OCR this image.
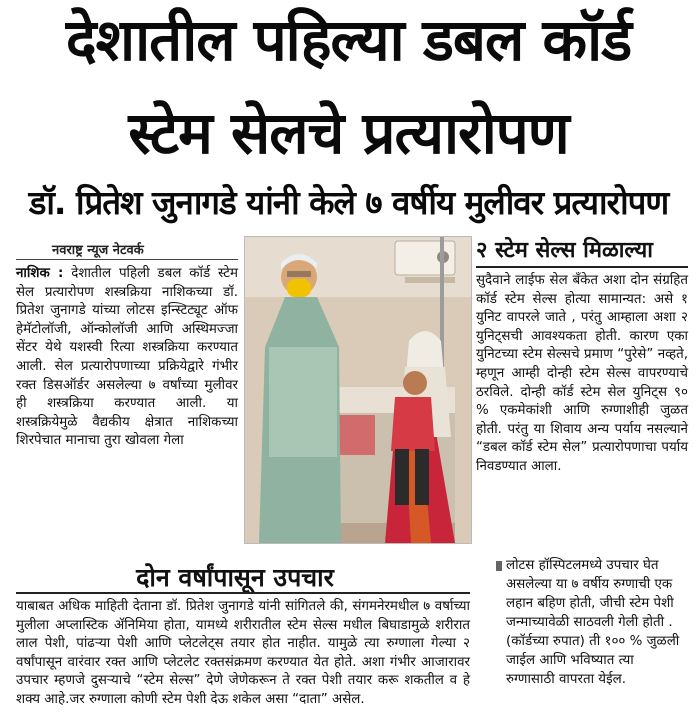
देशातील पहिल्या डबल कॉर्ड
स्टेम सेलचे प्रत्यारोपण
डॉ. प्रितेश जुनागडे यांनी केले ७ वर्षीय मुलीवर प्रत्यारोपण
नवराष्ट्र न्यूज नेटवर्क
नाशिक : देशातील पहिली डबल कॉर्ड स्टेम सेल प्रत्यारोपण शस्त्रक्रिया नाशिकच्या डॉ. प्रितेश जुनागडे यांच्या लोटस इन्स्टिट्यूट ऑफ हेमॅटोलॉजी, ऑन्कोलॉजी आणि अस्थिमज्जा सेंटर येथे यशस्वी रित्या शस्त्रक्रिया करण्यात आली. सेल प्रत्यारोपणाच्या प्रक्रियेद्वारे गंभीर रक्त डिसऑर्डर असलेल्या ७ वर्षांच्या मुलीवर ही शस्त्रक्रिया करण्यात आली. या शस्त्रक्रियेमुळे वैद्यकीय क्षेत्रात नाशिकच्या शिरपेचात मानाचा तुरा खोवला गेला
२ स्टेम सेल्स मिळाल्या
सुदैवाने लाईफ सेल बँकेत अशा दोन संग्रहित कॉर्ड स्टेम सेल्स होत्या सामान्यत: असे १ युनिट वापरले जाते , परंतु आम्हाला अशा २ युनिट्सची आवश्यकता होती. कारण एका युनिटच्या स्टेम सेल्सचे प्रमाण “पुरेसे” नव्हते, म्हणून आम्ही दोन्ही स्टेम सेल्स वापरण्याचे ठरविले. दोन्ही कॉर्ड स्टेम सेल युनिट्स ९० % एकमेकांशी आणि रुग्णाशीही जुळत होती. परंतु या शिवाय अन्य पर्याय नसल्याने “डबल कॉर्ड स्टेम सेल” प्रत्यारोपणाचा पर्याय निवडण्यात आला.
दोन वर्षांपासून उपचार
याबाबत अधिक माहिती देताना डॉ. प्रितेश जुनागडे यांनी सांगितले की, संगमनेरमधील ७ वर्षाच्या मुलीला अप्लास्टिक ॲनिमिया होता, यामध्ये शरीरातील स्टेम सेल्स मधील बिघाडामुळे शरीरात लाल पेशी, पांढऱ्या पेशी आणि प्लेटलेट्स तयार होत नाहीत. यामुळे त्या रुग्णाला गेल्या २ वर्षांपासून वारंवार रक्त आणि प्लेटलेट रक्तसंक्रमण करण्यात येत होते. अशा गंभीर आजारावर उपचार म्हणजे दुसऱ्याचे “स्टेम सेल्स” देणे जेणेकरून ते रक्त पेशी तयार करू शकतील व हे शक्य आहे.जर रुग्णाला कोणी स्टेम पेशी देऊ शकेल असा “दाता” असेल.
लोटस हॉस्पिटलमध्ये उपचार घेत असलेल्या या ७ वर्षीय रुग्णाची एक लहान बहिण होती, जीची स्टेम पेशी जन्माच्यावेळी साठवली गेली होती . (कॉर्डच्या रुपात) ती १०० % जुळली जाईल आणि भविष्यात त्या रुग्णासाठी वापरता येईल.
